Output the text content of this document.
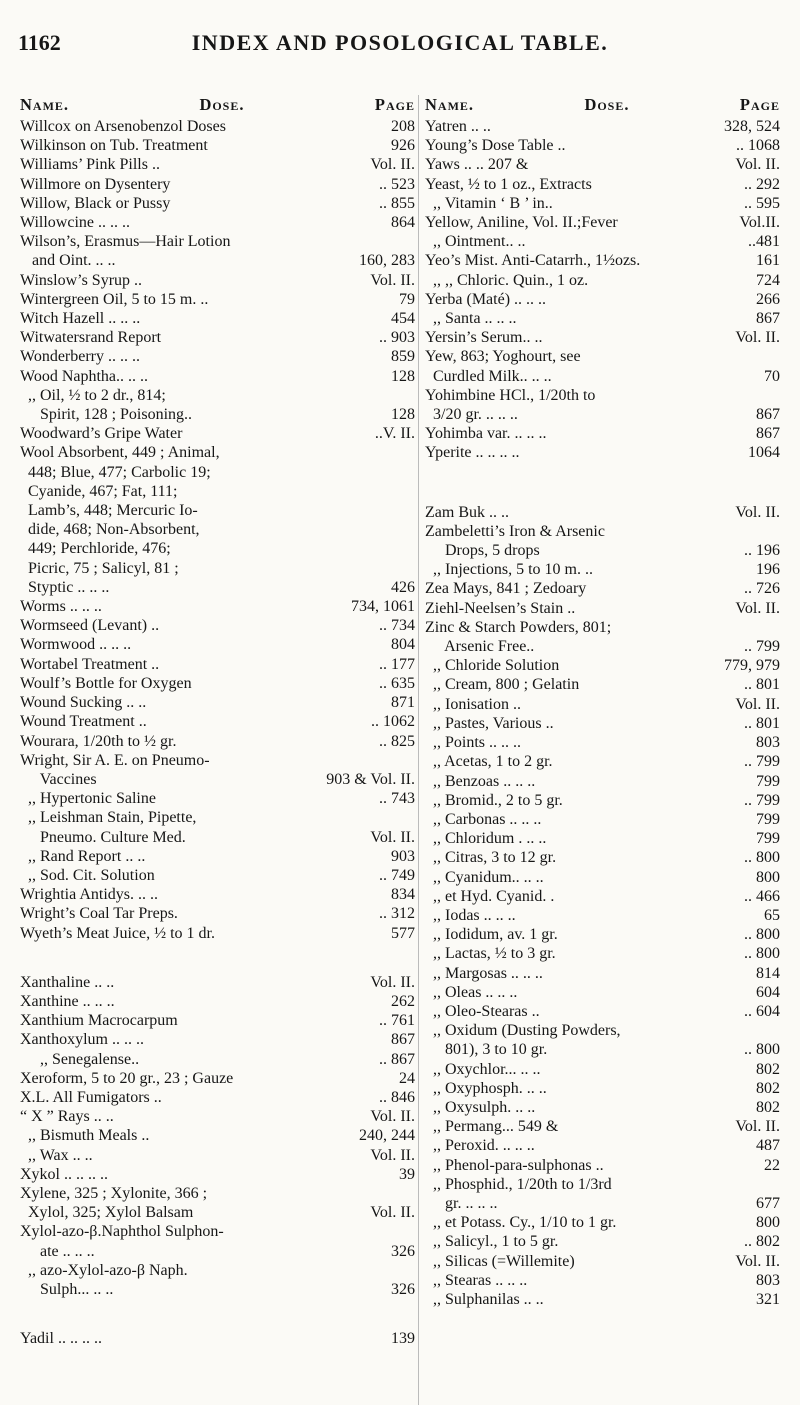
1162	INDEX AND POSOLOGICAL TABLE.
Name.	Dose.	Page
Willcox on Arsenobenzol Doses	208
Wilkinson on Tub. Treatment	926
Williams’ Pink Pills ..	Vol. II.
Willmore on Dysentery	.. 523
Willow, Black or Pussy	.. 855
Willowcine .. .. ..	864
Wilson’s, Erasmus—Hair Lotion
and Oint. .. ..	160, 283
Winslow’s Syrup ..	Vol. II.
Wintergreen Oil, 5 to 15 m. ..	79
Witch Hazell .. .. ..	454
Witwatersrand Report	.. 903
Wonderberry .. .. ..	859
Wood Naphtha.. .. ..	128
,, Oil, ½ to 2 dr., 814;
Spirit, 128 ; Poisoning..	128
Woodward’s Gripe Water	..V. II.
Wool Absorbent, 449 ; Animal,
448; Blue, 477; Carbolic 19;
Cyanide, 467; Fat, 111;
Lamb’s, 448; Mercuric Io-
dide, 468; Non-Absorbent,
449; Perchloride, 476;
Picric, 75 ; Salicyl, 81 ;
Styptic .. .. ..	426
Worms .. .. ..	734, 1061
Wormseed (Levant) ..	.. 734
Wormwood .. .. ..	804
Wortabel Treatment ..	.. 177
Woulf’s Bottle for Oxygen	.. 635
Wound Sucking .. ..	871
Wound Treatment ..	.. 1062
Wourara, 1/20th to ½ gr.	.. 825
Wright, Sir A. E. on Pneumo-
Vaccines	903 & Vol. II.
,, Hypertonic Saline	.. 743
,, Leishman Stain, Pipette,
Pneumo. Culture Med.	Vol. II.
,, Rand Report .. ..	903
,, Sod. Cit. Solution	.. 749
Wrightia Antidys. .. ..	834
Wright’s Coal Tar Preps.	.. 312
Wyeth’s Meat Juice, ½ to 1 dr.	577
Xanthaline .. ..	Vol. II.
Xanthine .. .. ..	262
Xanthium Macrocarpum	.. 761
Xanthoxylum .. .. ..	867
,, Senegalense..	.. 867
Xeroform, 5 to 20 gr., 23 ; Gauze	24
X.L. All Fumigators ..	.. 846
“ X ” Rays .. ..	Vol. II.
,, Bismuth Meals ..	240, 244
,, Wax .. ..	Vol. II.
Xykol .. .. .. ..	39
Xylene, 325 ; Xylonite, 366 ;
Xylol, 325; Xylol Balsam	Vol. II.
Xylol-azo-β.Naphthol Sulphon-
ate .. .. ..	326
,, azo-Xylol-azo-β Naph.
Sulph... .. ..	326
Yadil .. .. .. ..	139
Name.	Dose.	Page
Yatren .. ..	328, 524
Young’s Dose Table ..	.. 1068
Yaws .. .. 207 &	Vol. II.
Yeast, ½ to 1 oz., Extracts	.. 292
,, Vitamin ‘ B ’ in..	.. 595
Yellow, Aniline, Vol. II.;Fever	Vol.II.
,, Ointment.. ..	..481
Yeo’s Mist. Anti-Catarrh., 1½ozs.	161
,, ,, Chloric. Quin., 1 oz.	724
Yerba (Maté) .. .. ..	266
,, Santa .. .. ..	867
Yersin’s Serum.. ..	Vol. II.
Yew, 863; Yoghourt, see
Curdled Milk.. .. ..	70
Yohimbine HCl., 1/20th to
3/20 gr. .. .. ..	867
Yohimba var. .. .. ..	867
Yperite .. .. .. ..	1064
Zam Buk .. ..	Vol. II.
Zambeletti’s Iron & Arsenic
Drops, 5 drops	.. 196
,, Injections, 5 to 10 m. ..	196
Zea Mays, 841 ; Zedoary	.. 726
Ziehl-Neelsen’s Stain ..	Vol. II.
Zinc & Starch Powders, 801;
Arsenic Free..	.. 799
,, Chloride Solution	779, 979
,, Cream, 800 ; Gelatin	.. 801
,, Ionisation ..	Vol. II.
,, Pastes, Various ..	.. 801
,, Points .. .. ..	803
,, Acetas, 1 to 2 gr.	.. 799
,, Benzoas .. .. ..	799
,, Bromid., 2 to 5 gr.	.. 799
,, Carbonas .. .. ..	799
,, Chloridum . .. ..	799
,, Citras, 3 to 12 gr.	.. 800
,, Cyanidum.. .. ..	800
,, et Hyd. Cyanid. .	.. 466
,, Iodas .. .. ..	65
,, Iodidum, av. 1 gr.	.. 800
,, Lactas, ½ to 3 gr.	.. 800
,, Margosas .. .. ..	814
,, Oleas .. .. ..	604
,, Oleo-Stearas ..	.. 604
,, Oxidum (Dusting Powders,
801), 3 to 10 gr.	.. 800
,, Oxychlor... .. ..	802
,, Oxyphosph. .. ..	802
,, Oxysulph. .. ..	802
,, Permang... 549 &	Vol. II.
,, Peroxid. .. .. ..	487
,, Phenol-para-sulphonas ..	22
,, Phosphid., 1/20th to 1/3rd
gr. .. .. ..	677
,, et Potass. Cy., 1/10 to 1 gr.	800
,, Salicyl., 1 to 5 gr.	.. 802
,, Silicas (=Willemite)	Vol. II.
,, Stearas .. .. ..	803
,, Sulphanilas .. ..	321
